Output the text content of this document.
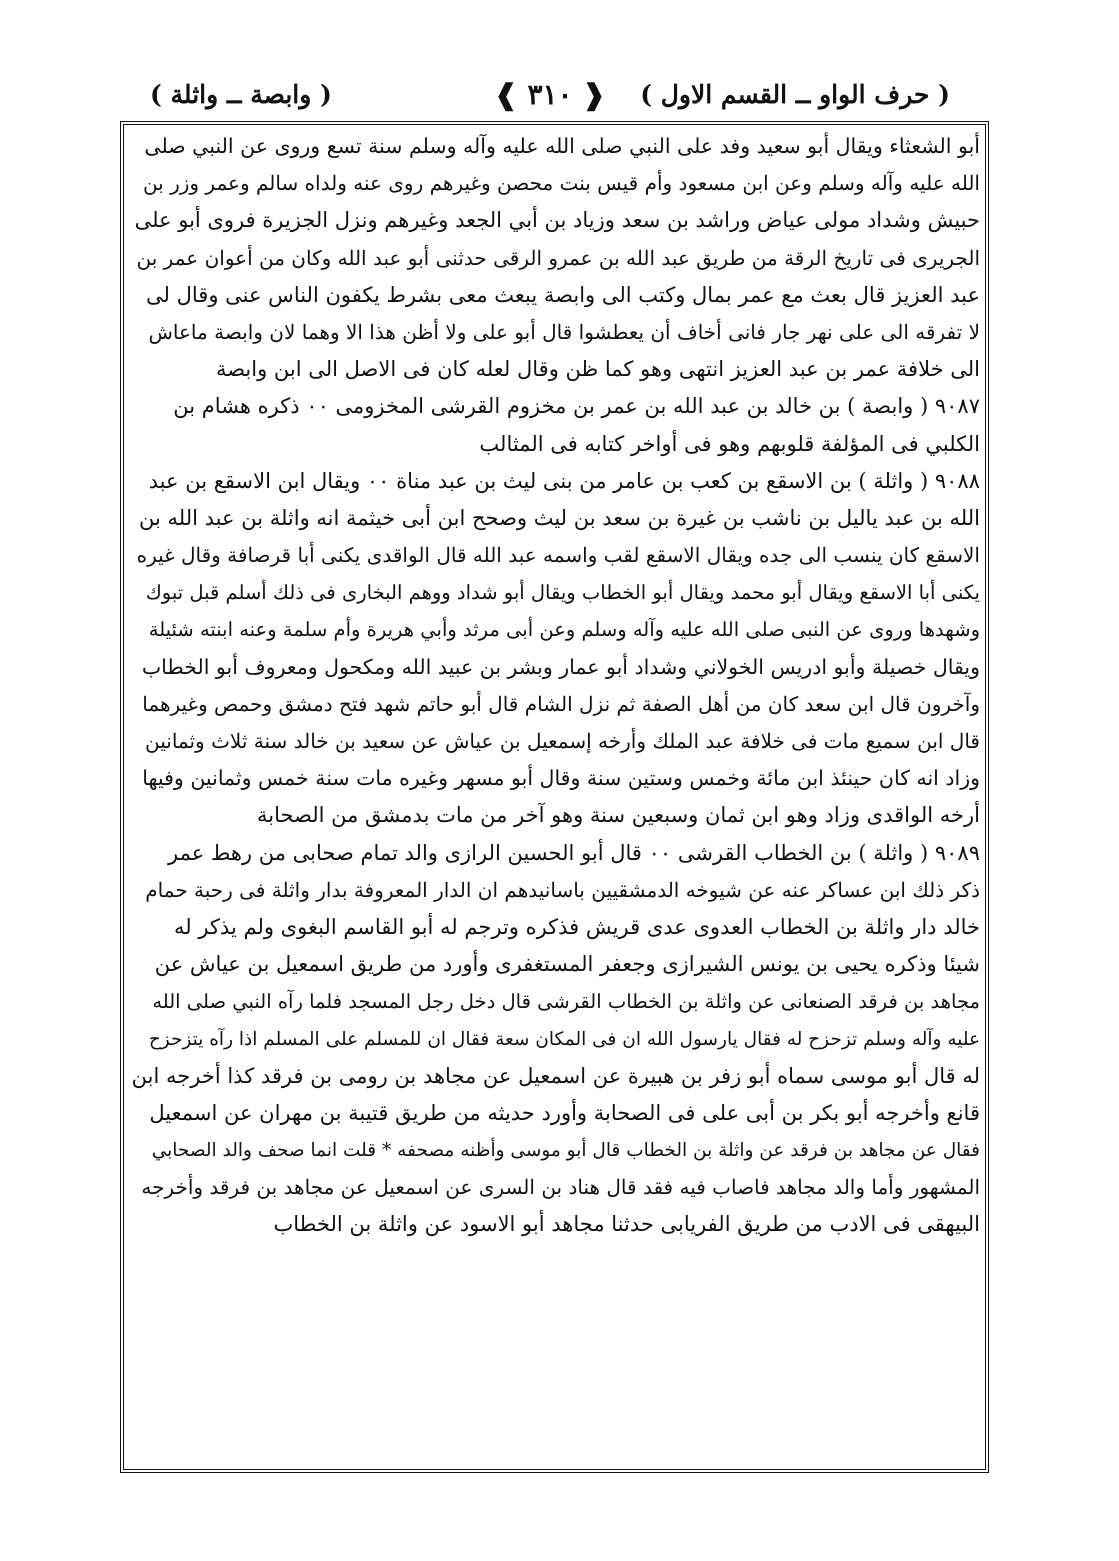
( حرف الواو ــ القسم الاول )
❰ ٣١٠ ❱
( وابصة ــ واثلة )
أبو الشعثاء ويقال أبو سعيد وفد على النبي صلى الله عليه وآله وسلم سنة تسع وروى عن النبي صلى
الله عليه وآله وسلم وعن ابن مسعود وأم قيس بنت محصن وغيرهم روى عنه ولداه سالم وعمر وزر بن
حبيش وشداد مولى عياض وراشد بن سعد وزياد بن أبي الجعد وغيرهم ونزل الجزيرة فروى أبو على
الجريرى فى تاريخ الرقة من طريق عبد الله بن عمرو الرقى حدثنى أبو عبد الله وكان من أعوان عمر بن
عبد العزيز قال بعث مع عمر بمال وكتب الى وابصة يبعث معى بشرط يكفون الناس عنى وقال لى
لا تفرقه الى على نهر جار فانى أخاف أن يعطشوا قال أبو على ولا أظن هذا الا وهما لان وابصة ماعاش
الى خلافة عمر بن عبد العزيز انتهى وهو كما ظن وقال لعله كان فى الاصل الى ابن وابصة
٩٠٨٧ ( وابصة ) بن خالد بن عبد الله بن عمر بن مخزوم القرشى المخزومى ٠٠ ذكره هشام بن
الكلبي فى المؤلفة قلوبهم وهو فى أواخر كتابه فى المثالب
٩٠٨٨ ( واثلة ) بن الاسقع بن كعب بن عامر من بنى ليث بن عبد مناة ٠٠ ويقال ابن الاسقع بن عبد
الله بن عبد ياليل بن ناشب بن غيرة بن سعد بن ليث وصحح ابن أبى خيثمة انه واثلة بن عبد الله بن
الاسقع كان ينسب الى جده ويقال الاسقع لقب واسمه عبد الله قال الواقدى يكنى أبا قرصافة وقال غيره
يكنى أبا الاسقع ويقال أبو محمد ويقال أبو الخطاب ويقال أبو شداد ووهم البخارى فى ذلك أسلم قبل تبوك
وشهدها وروى عن النبى صلى الله عليه وآله وسلم وعن أبى مرثد وأبي هريرة وأم سلمة وعنه ابنته شئيلة
ويقال خصيلة وأبو ادريس الخولاني وشداد أبو عمار وبشر بن عبيد الله ومكحول ومعروف أبو الخطاب
وآخرون قال ابن سعد كان من أهل الصفة ثم نزل الشام قال أبو حاتم شهد فتح دمشق وحمص وغيرهما
قال ابن سميع مات فى خلافة عبد الملك وأرخه إسمعيل بن عياش عن سعيد بن خالد سنة ثلاث وثمانين
وزاد انه كان حينئذ ابن مائة وخمس وستين سنة وقال أبو مسهر وغيره مات سنة خمس وثمانين وفيها
أرخه الواقدى وزاد وهو ابن ثمان وسبعين سنة وهو آخر من مات بدمشق من الصحابة
٩٠٨٩ ( واثلة ) بن الخطاب القرشى ٠٠ قال أبو الحسين الرازى والد تمام صحابى من رهط عمر
ذكر ذلك ابن عساكر عنه عن شيوخه الدمشقيين باسانيدهم ان الدار المعروفة بدار واثلة فى رحبة حمام
خالد دار واثلة بن الخطاب العدوى عدى قريش فذكره وترجم له أبو القاسم البغوى ولم يذكر له
شيئا وذكره يحيى بن يونس الشيرازى وجعفر المستغفرى وأورد من طريق اسمعيل بن عياش عن
مجاهد بن فرقد الصنعانى عن واثلة بن الخطاب القرشى قال دخل رجل المسجد فلما رآه النبي صلى الله
عليه وآله وسلم تزحزح له فقال يارسول الله ان فى المكان سعة فقال ان للمسلم على المسلم اذا رآه يتزحزح
له قال أبو موسى سماه أبو زفر بن هبيرة عن اسمعيل عن مجاهد بن رومى بن فرقد كذا أخرجه ابن
قانع وأخرجه أبو بكر بن أبى على فى الصحابة وأورد حديثه من طريق قتيبة بن مهران عن اسمعيل
فقال عن مجاهد بن فرقد عن واثلة بن الخطاب قال أبو موسى وأظنه مصحفه * قلت انما صحف والد الصحابي
المشهور وأما والد مجاهد فاصاب فيه فقد قال هناد بن السرى عن اسمعيل عن مجاهد بن فرقد وأخرجه
البيهقى فى الادب من طريق الفريابى حدثنا مجاهد أبو الاسود عن واثلة بن الخطاب
